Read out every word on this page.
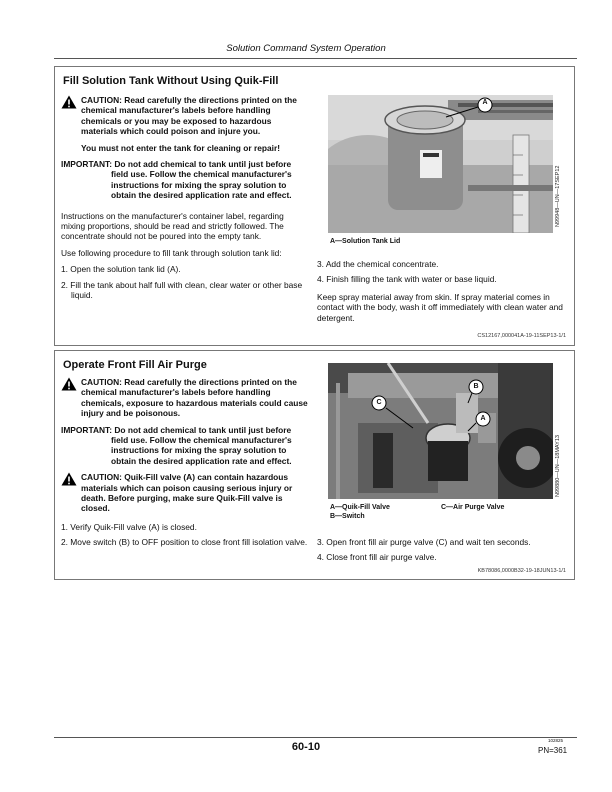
Solution Command System Operation
Fill Solution Tank Without Using Quik-Fill
CAUTION: Read carefully the directions printed on the chemical manufacturer's labels before handling chemicals or you may be exposed to hazardous materials which could poison and injure you.
You must not enter the tank for cleaning or repair!
IMPORTANT: Do not add chemical to tank until just before field use. Follow the chemical manufacturer's instructions for mixing the spray solution to obtain the desired application rate and effect.

Instructions on the manufacturer's container label, regarding mixing proportions, should be read and strictly followed. The concentrate should not be poured into the empty tank.

Use following procedure to fill tank through solution tank lid:

1. Open the solution tank lid (A).
2. Fill the tank about half full with clean, clear water or other base liquid.
A
N99948—UN—17SEP12
A—Solution Tank Lid
3. Add the chemical concentrate.
4. Finish filling the tank with water or base liquid.

Keep spray material away from skin. If spray material comes in contact with the body, wash it off immediately with clean water and detergent.

CS12167,000041A-19-11SEP13-1/1
Operate Front Fill Air Purge
CAUTION: Read carefully the directions printed on the chemical manufacturer's labels before handling chemicals, exposure to hazardous materials could cause injury and be poisonous.
IMPORTANT: Do not add chemical to tank until just before field use. Follow the chemical manufacturer's instructions for mixing the spray solution to obtain the desired application rate and effect.
CAUTION: Quik-Fill valve (A) can contain hazardous materials which can poison causing serious injury or death. Before purging, make sure Quik-Fill valve is closed.
1. Verify Quik-Fill valve (A) is closed.
2. Move switch (B) to OFF position to close front fill isolation valve.
C
B
A
N99880—UN—18MAY13
A—Quik-Fill Valve
B—Switch
C—Air Purge Valve
3. Open front fill air purge valve (C) and wait ten seconds.
4. Close front fill air purge valve.
KB78086,0000B32-19-18JUN13-1/1
60-10
102825
PN=361
